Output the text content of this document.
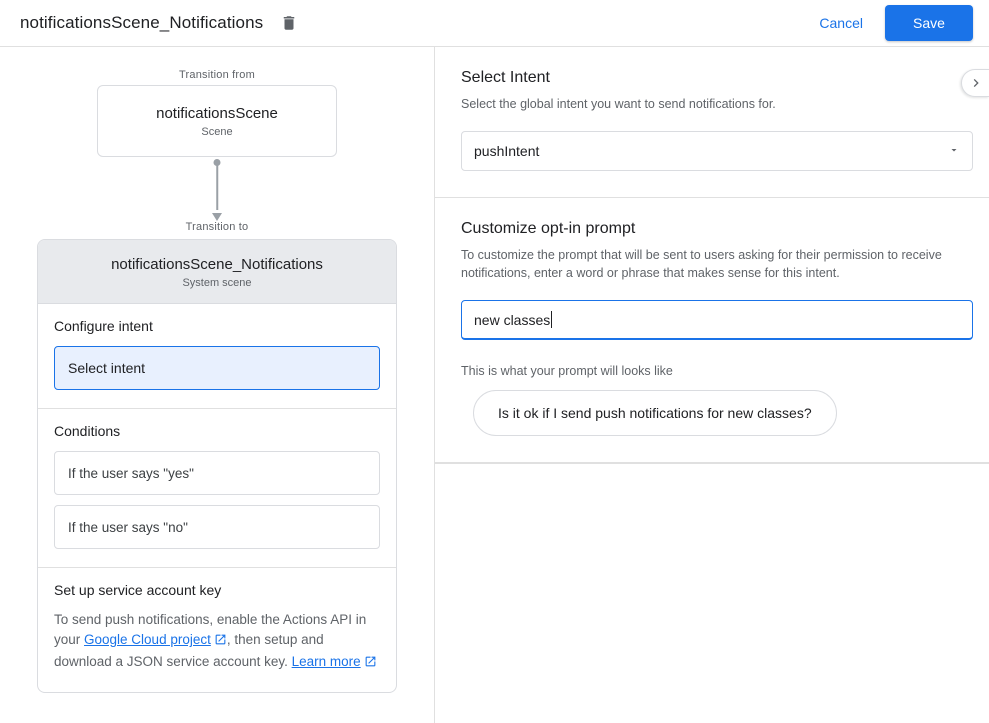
notificationsScene_Notifications	Cancel	Save
Transition from
notificationsScene
Scene
Transition to
notificationsScene_Notifications
System scene
Configure intent
Select intent
Conditions
If the user says "yes"
If the user says "no"
Set up service account key
To send push notifications, enable the Actions API in your Google Cloud project , then setup and download a JSON service account key. Learn more
Select Intent

Select the global intent you want to send notifications for.

pushIntent
Customize opt-in prompt

To customize the prompt that will be sent to users asking for their permission to receive notifications, enter a word or phrase that makes sense for this intent.

new classes
This is what your prompt will looks like
Is it ok if I send push notifications for new classes?
